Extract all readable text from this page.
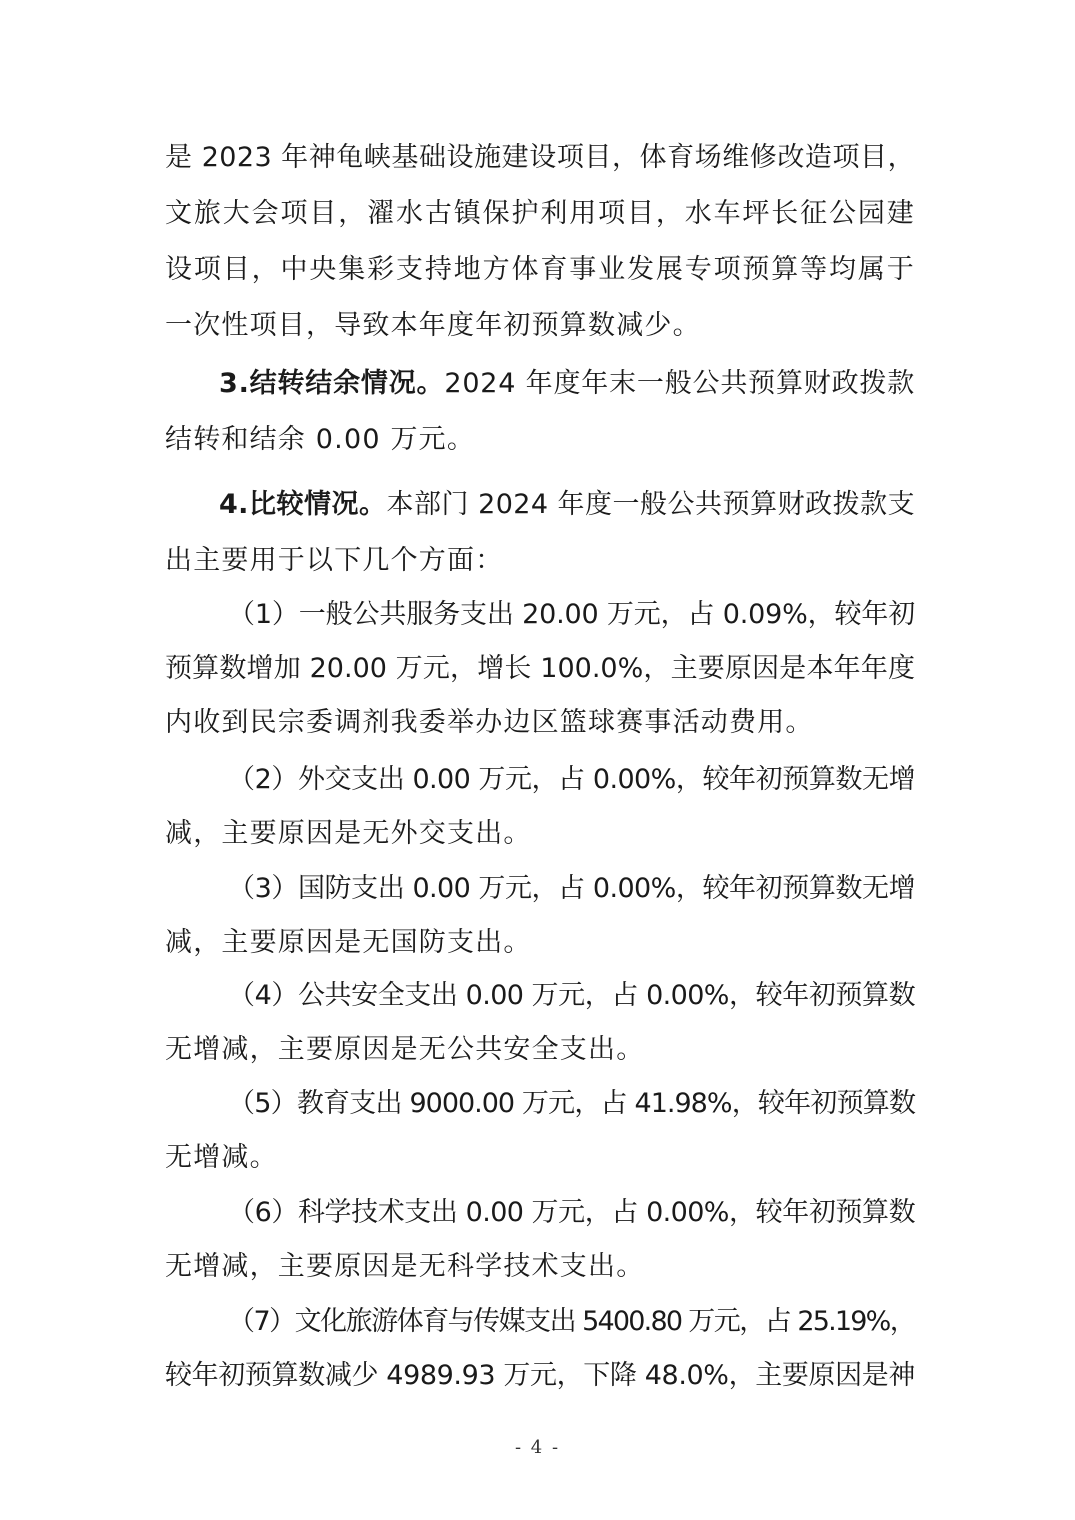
是 2023 年神龟峡基础设施建设项目，体育场维修改造项目，
文旅大会项目，濯水古镇保护利用项目，水车坪长征公园建
设项目，中央集彩支持地方体育事业发展专项预算等均属于
一次性项目，导致本年度年初预算数减少。
3.结转结余情况。2024 年度年末一般公共预算财政拨款
结转和结余 0.00 万元。
4.比较情况。本部门 2024 年度一般公共预算财政拨款支
出主要用于以下几个方面：
（1）一般公共服务支出 20.00 万元，占 0.09%，较年初
预算数增加 20.00 万元，增长 100.0%，主要原因是本年年度
内收到民宗委调剂我委举办边区篮球赛事活动费用。
（2）外交支出 0.00 万元，占 0.00%，较年初预算数无增
减，主要原因是无外交支出。
（3）国防支出 0.00 万元，占 0.00%，较年初预算数无增
减，主要原因是无国防支出。
（4）公共安全支出 0.00 万元，占 0.00%，较年初预算数
无增减，主要原因是无公共安全支出。
（5）教育支出 9000.00 万元，占 41.98%，较年初预算数
无增减。
（6）科学技术支出 0.00 万元，占 0.00%，较年初预算数
无增减，主要原因是无科学技术支出。
（7）文化旅游体育与传媒支出 5400.80 万元，占 25.19%，
较年初预算数减少 4989.93 万元，下降 48.0%，主要原因是神
- 4 -
